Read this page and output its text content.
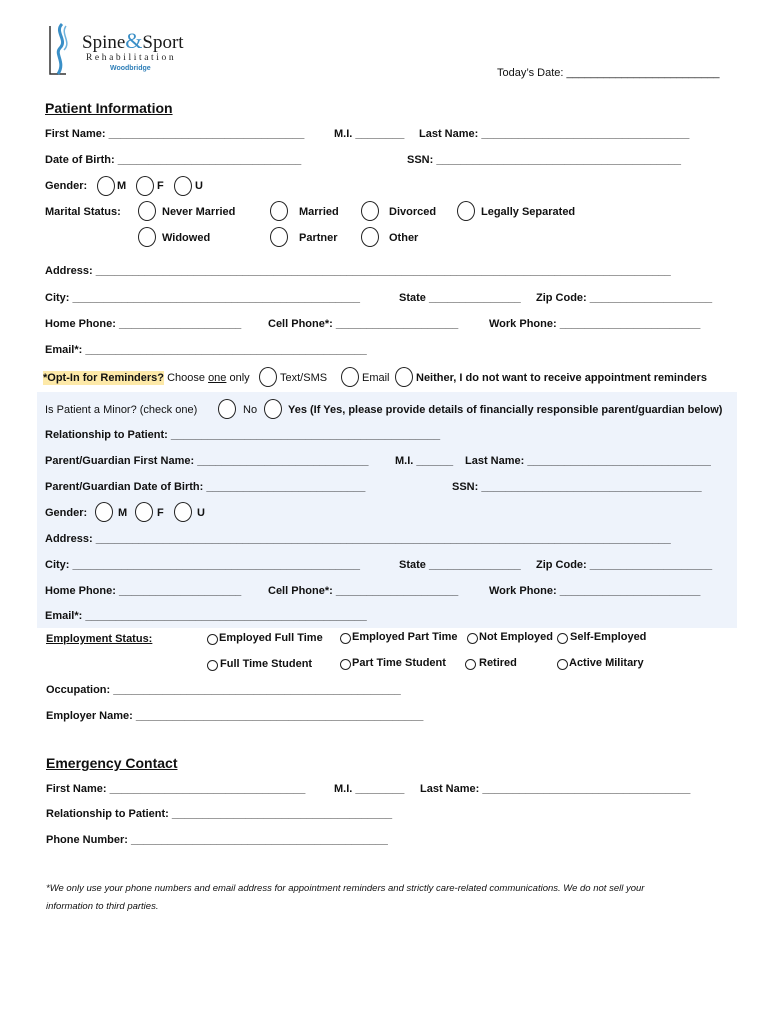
Spine&Sport
Rehabilitation
Woodbridge	Today’s Date: _________________________
Patient Information
First Name: ________________________________	M.I. ________ Last Name: __________________________________
Date of Birth: ______________________________	SSN: ________________________________________
Gender:	M	F	U
Marital Status:	Never Married	Married	Divorced	Legally Separated
Widowed	Partner	Other
Address: ______________________________________________________________________________________________
City: _______________________________________________	State _______________ Zip Code: ____________________
Home Phone: ____________________ Cell Phone*: ____________________	Work Phone: _______________________
Email*: ______________________________________________
*Opt-In for Reminders? Choose one only	Text/SMS	Email Neither, I do not want to receive appointment reminders
Is Patient a Minor? (check one)	No	Yes (If Yes, please provide details of financially responsible parent/guardian below)
Relationship to Patient: ____________________________________________
Parent/Guardian First Name: ____________________________ M.I. ______ Last Name: ______________________________
Parent/Guardian Date of Birth: __________________________	SSN: ____________________________________
Gender:	M	F	U
Address: ______________________________________________________________________________________________
City: _______________________________________________	State _______________ Zip Code: ____________________
Home Phone: ____________________ Cell Phone*: ____________________	Work Phone: _______________________
Email*: ______________________________________________
Employment Status:	Employed Full Time	Employed Part Time Not Employed Self-Employed
Full Time Student	Part Time Student	Retired	Active Military
Occupation: _______________________________________________
Employer Name: _______________________________________________
Emergency Contact
First Name: ________________________________	M.I. ________ Last Name: __________________________________
Relationship to Patient: ____________________________________
Phone Number: __________________________________________
*We only use your phone numbers and email address for appointment reminders and strictly care-related communications. We do not sell your
information to third parties.
